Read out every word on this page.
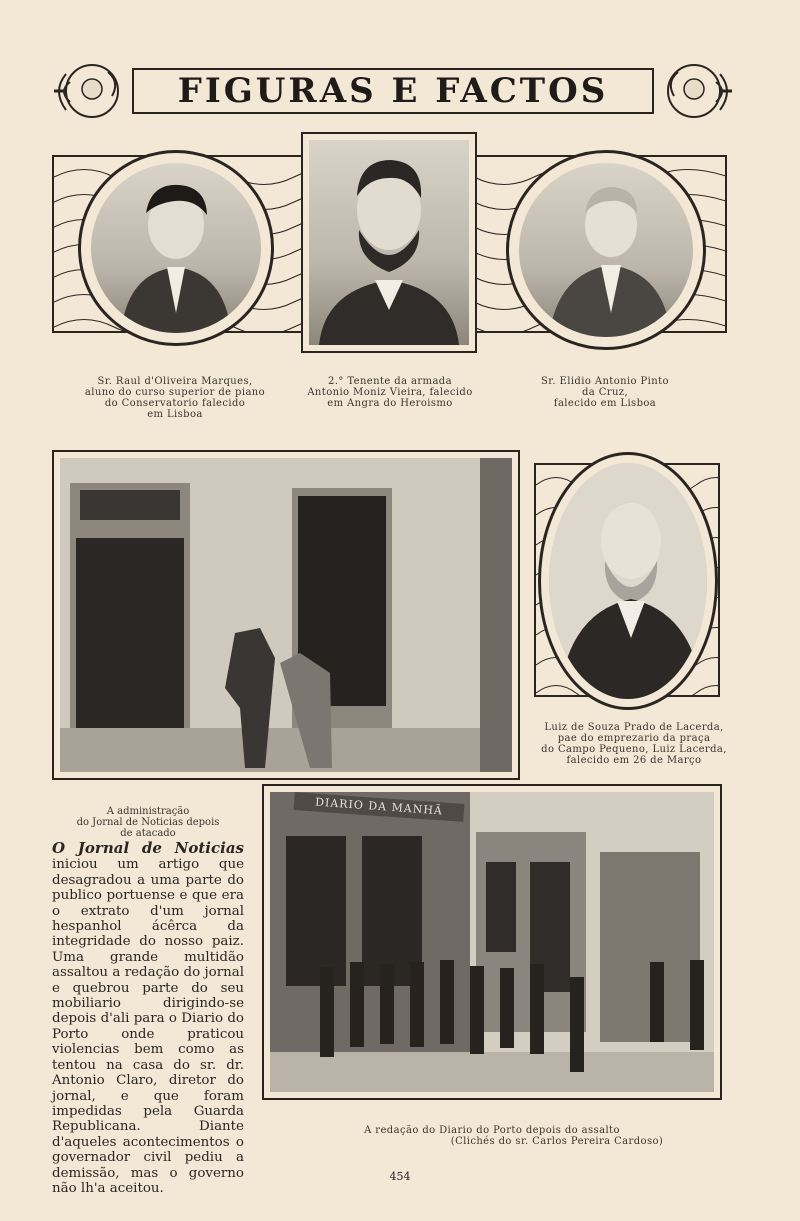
FIGURAS E FACTOS
Sr. Raul d'Oliveira Marques,
aluno do curso superior de piano
do Conservatorio falecido
em Lisboa
2.° Tenente da armada
Antonio Moniz Vieira, falecido
em Angra do Heroismo
Sr. Elidio Antonio Pinto
da Cruz,
falecido em Lisboa
Luiz de Souza Prado de Lacerda,
pae do emprezario da praça
do Campo Pequeno, Luiz Lacerda,
falecido em 26 de Março
A administração
do Jornal de Noticias depois
de atacado
O Jornal de Noticias iniciou um artigo que desagradou a uma parte do publico portuense e que era o extrato d'um jornal hespanhol ácêrca da integridade do nosso paiz. Uma grande multidão assaltou a redação do jornal e quebrou parte do seu mobiliario dirigindo-se depois d'ali para o Diario do Porto onde praticou violencias bem como as tentou na casa do sr. dr. Antonio Claro, diretor do jornal, e que foram impedidas pela Guarda Republicana. Diante d'aqueles acontecimentos o governador civil pediu a demissão, mas o governo não lh'a aceitou.
DIARIO DA MANHÃ
A redação do Diario do Porto depois do assalto
(Clichés do sr. Carlos Pereira Cardoso)
454
